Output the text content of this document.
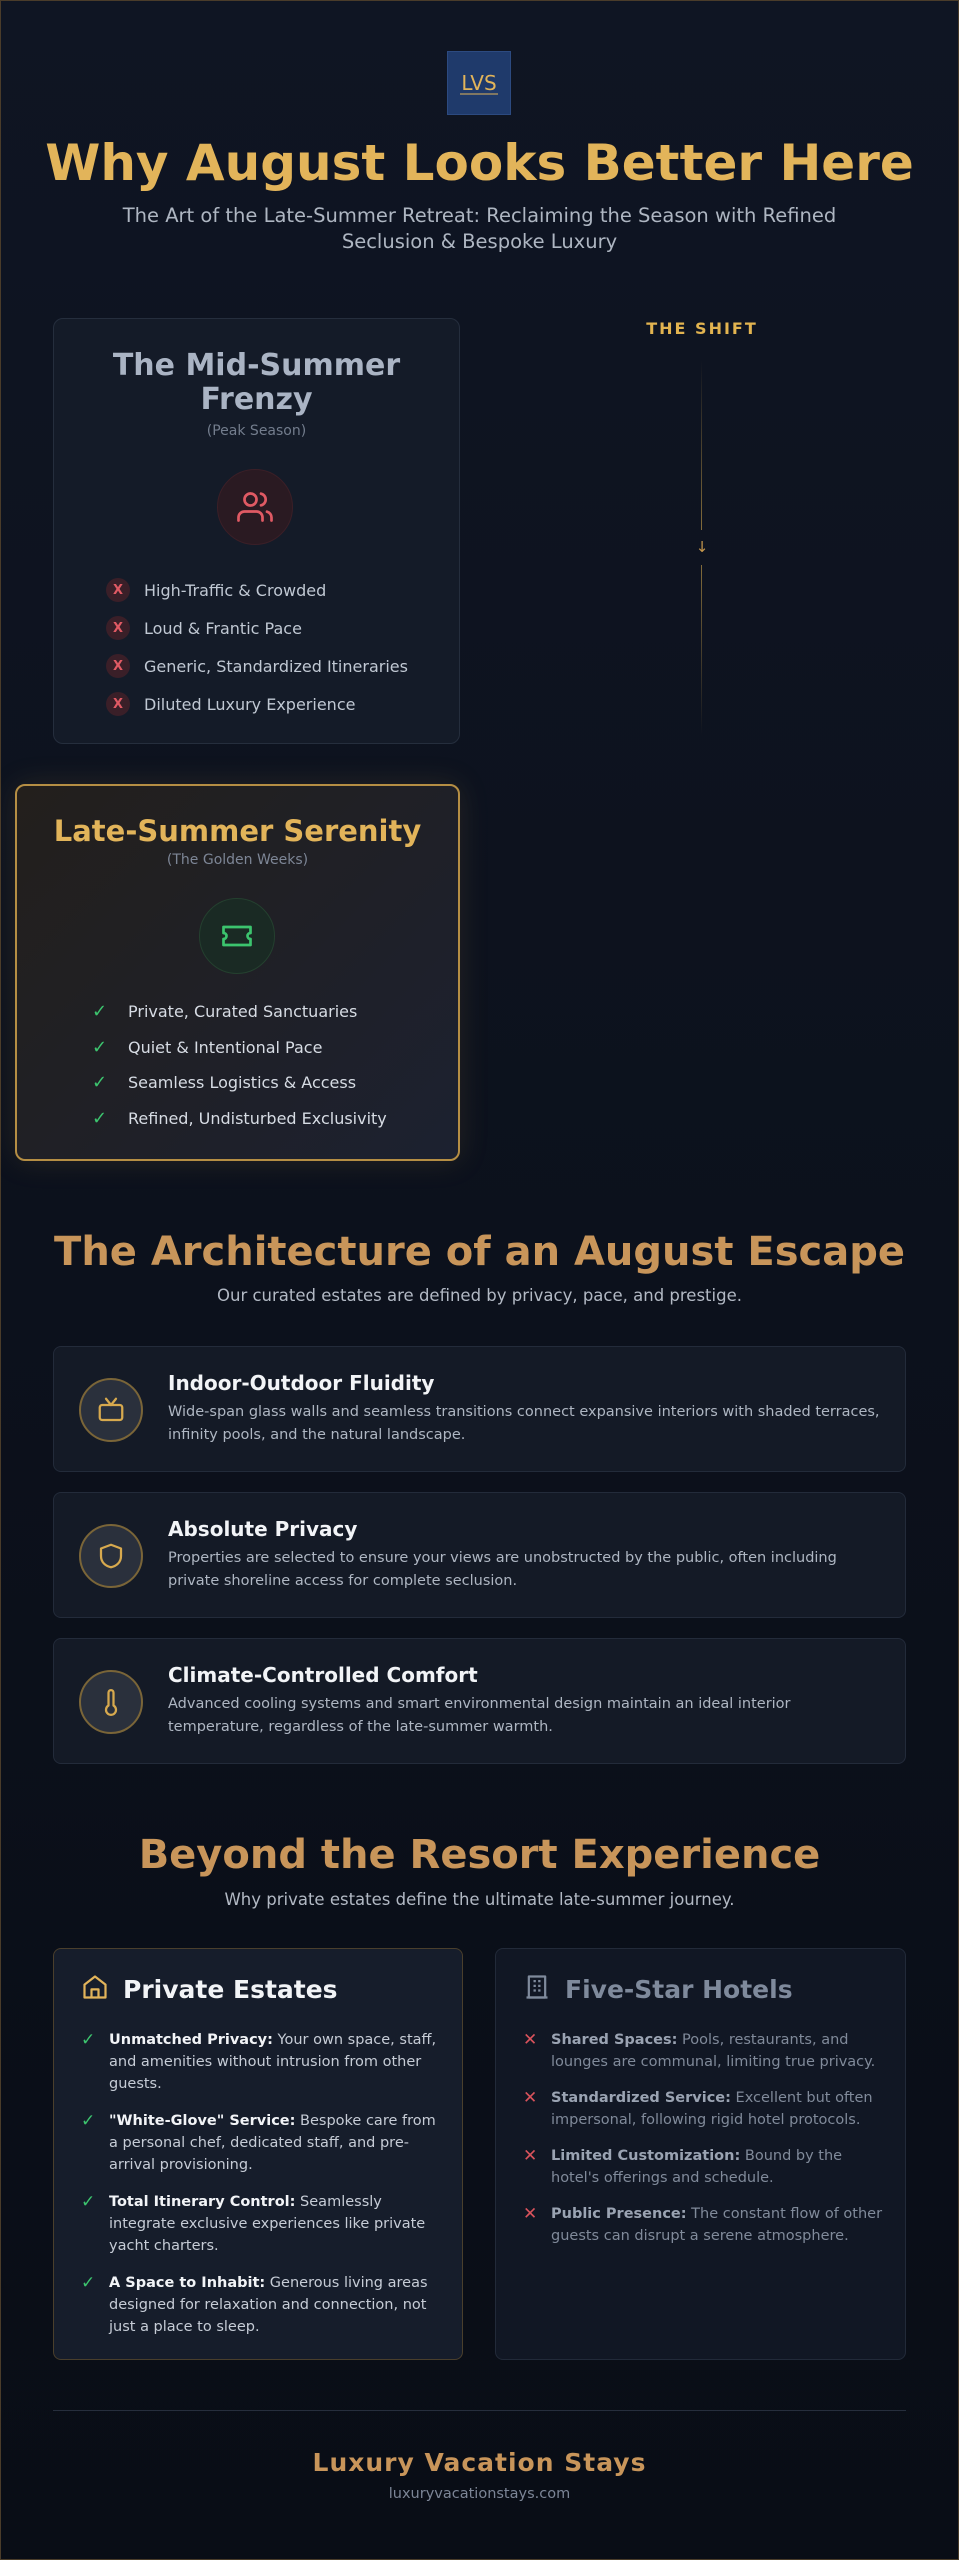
LVS
Why August Looks Better Here

The Art of the Late-Summer Retreat: Reclaiming the Season with Refined Seclusion & Bespoke Luxury

The Mid-Summer Frenzy
(Peak Season)
X	High-Traffic & Crowded
X	Loud & Frantic Pace
X	Generic, Standardized Itineraries
X	Diluted Luxury Experience
THE SHIFT
↓
Late-Summer Serenity
(The Golden Weeks)
✓ Private, Curated Sanctuaries
✓ Quiet & Intentional Pace
✓ Seamless Logistics & Access
✓ Refined, Undisturbed Exclusivity
The Architecture of an August Escape

Our curated estates are defined by privacy, pace, and prestige.

Indoor-Outdoor Fluidity
Wide-span glass walls and seamless transitions connect expansive interiors with shaded terraces, infinity pools, and the natural landscape.
Absolute Privacy
Properties are selected to ensure your views are unobstructed by the public, often including private shoreline access for complete seclusion.
Climate-Controlled Comfort
Advanced cooling systems and smart environmental design maintain an ideal interior temperature, regardless of the late-summer warmth.
Beyond the Resort Experience

Why private estates define the ultimate late-summer journey.

Private Estates
✓ Unmatched Privacy: Your own space, staff, and amenities without intrusion from other guests.
✓ "White-Glove" Service: Bespoke care from a personal chef, dedicated staff, and pre-arrival provisioning.
✓ Total Itinerary Control: Seamlessly integrate exclusive experiences like private yacht charters.
✓ A Space to Inhabit: Generous living areas designed for relaxation and connection, not just a place to sleep.
Five-Star Hotels
✕ Shared Spaces: Pools, restaurants, and lounges are communal, limiting true privacy.
✕ Standardized Service: Excellent but often impersonal, following rigid hotel protocols.
✕ Limited Customization: Bound by the hotel's offerings and schedule.
✕ Public Presence: The constant flow of other guests can disrupt a serene atmosphere.
Luxury Vacation Stays
luxuryvacationstays.com
